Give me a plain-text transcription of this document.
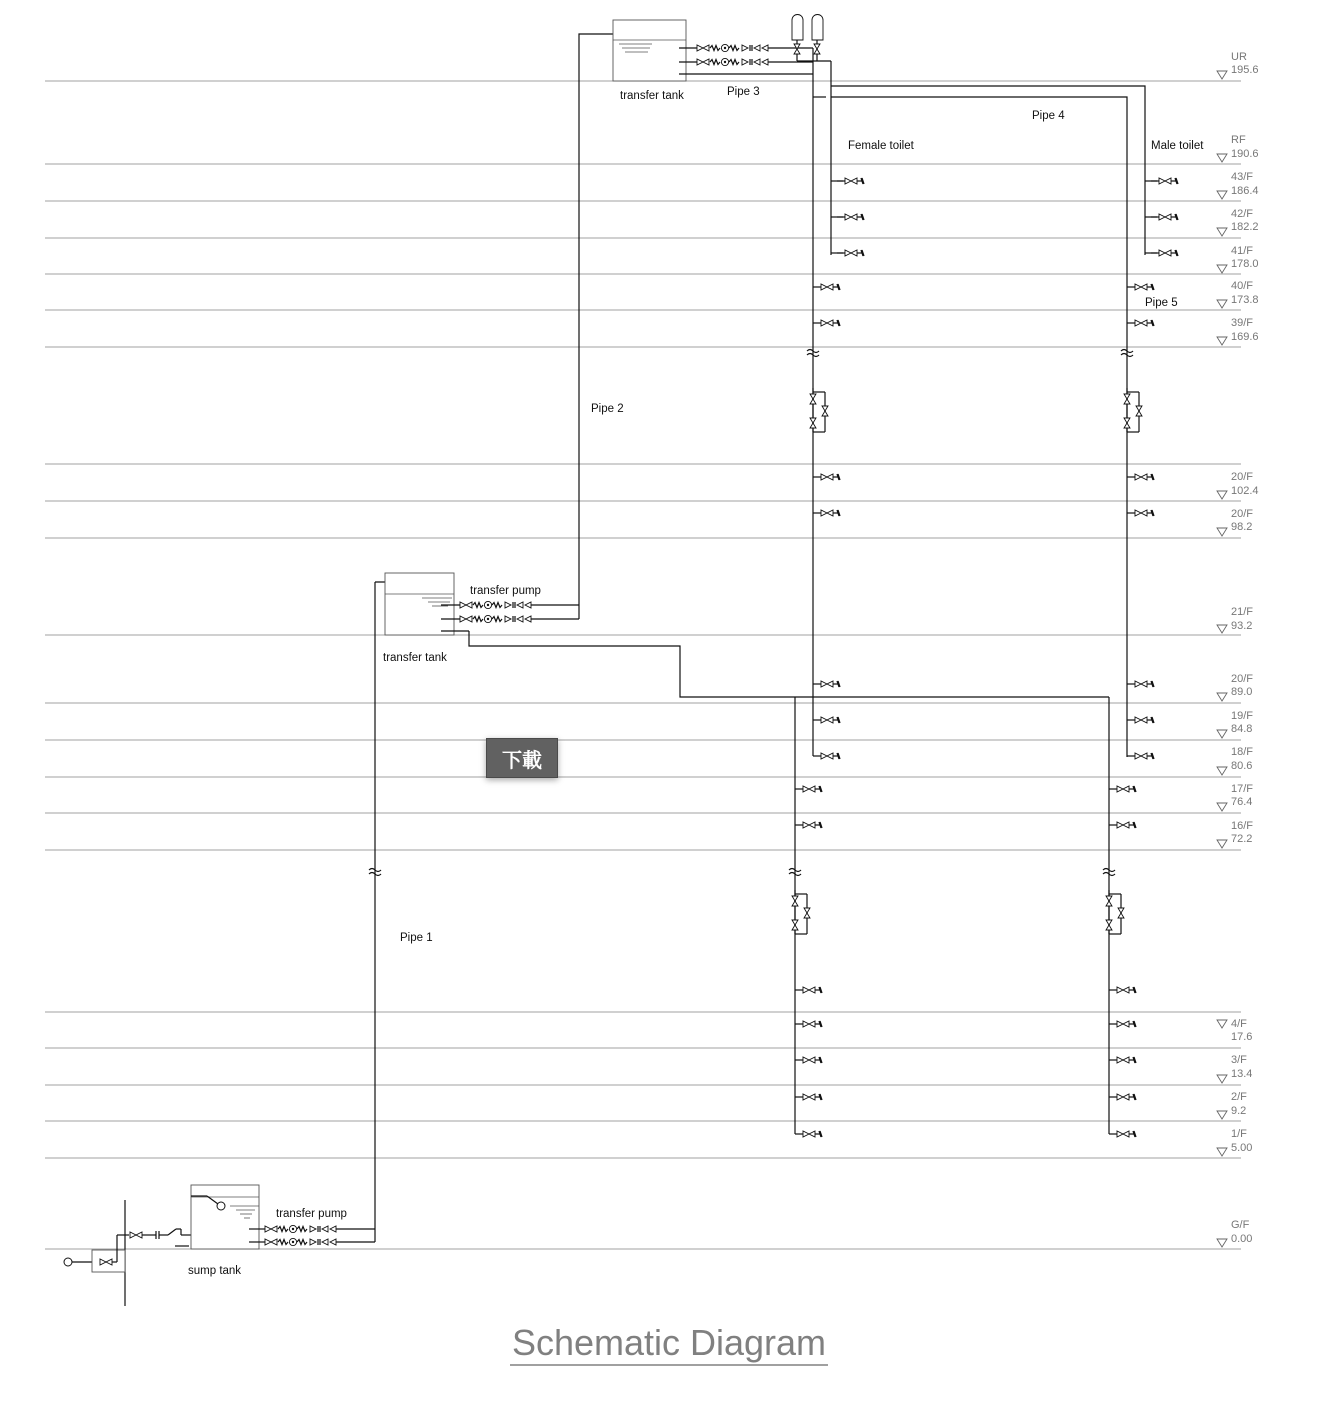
UR
195.6
RF
190.6
43/F
186.4
42/F
182.2
41/F
178.0
40/F
173.8
39/F
169.6
20/F
102.4
20/F
98.2
21/F
93.2
20/F
89.0
19/F
84.8
18/F
80.6
17/F
76.4
16/F
72.2
4/F
17.6
3/F
13.4
2/F
9.2
1/F
5.00
G/F
0.00
transfer tank
transfer tank
transfer pump
transfer pump
sump tank
Pipe 1
Pipe 2
Pipe 3
Pipe 4
Pipe 5
Female toilet	Male toilet
下載
Schematic Diagram
